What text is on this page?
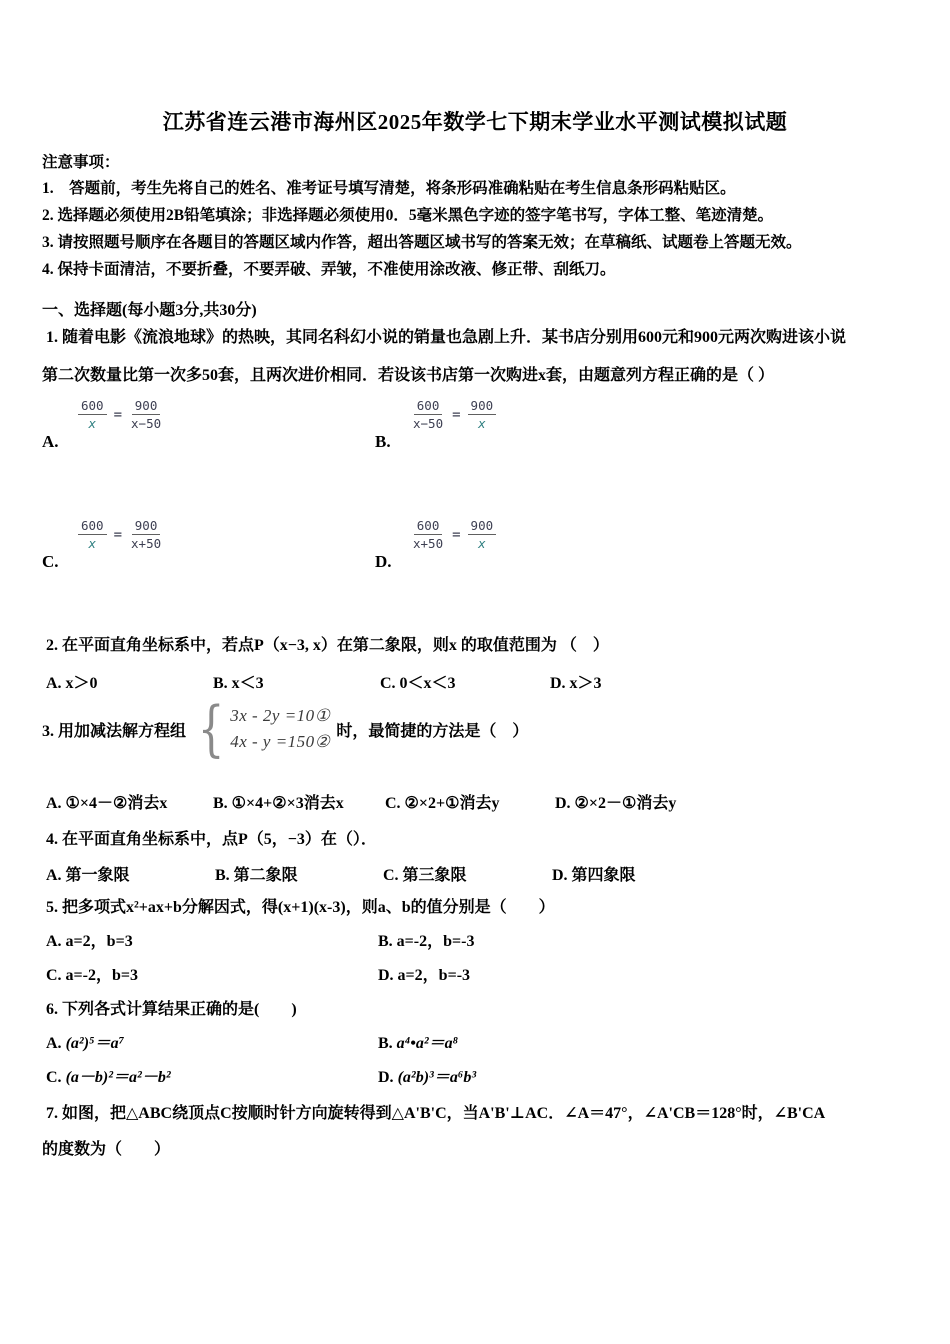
江苏省连云港市海州区2025年数学七下期末学业水平测试模拟试题
注意事项：
1.　答题前，考生先将自己的姓名、准考证号填写清楚，将条形码准确粘贴在考生信息条形码粘贴区。
2. 选择题必须使用2B铅笔填涂；非选择题必须使用0．5毫米黑色字迹的签字笔书写，字体工整、笔迹清楚。
3. 请按照题号顺序在各题目的答题区域内作答，超出答题区域书写的答案无效；在草稿纸、试题卷上答题无效。
4. 保持卡面清洁，不要折叠，不要弄破、弄皱，不准使用涂改液、修正带、刮纸刀。
一、选择题(每小题3分,共30分)
1. 随着电影《流浪地球》的热映，其同名科幻小说的销量也急剧上升．某书店分别用600元和900元两次购进该小说
第二次数量比第一次多50套，且两次进价相同．若设该书店第一次购进x套，由题意列方程正确的是（ ）
$\frac{600}{x} = \frac{900}{x-50}$
A.
$\frac{600}{x-50} = \frac{900}{x}$
B.
$\frac{600}{x} = \frac{900}{x+50}$
C.
$\frac{600}{x+50} = \frac{900}{x}$
D.
2. 在平面直角坐标系中，若点P（x−3, x）在第二象限，则x 的取值范围为 （　）
A. x＞0	B. x＜3	C. 0＜x＜3	D. x＞3
3. 用加减法解方程组 { 3x - 2y =10①
4x - y =150②
时，最简捷的方法是（　）
A. ①×4－②消去x	B. ①×4+②×3消去x	C. ②×2+①消去y	D. ②×2－①消去y
4. 在平面直角坐标系中，点P（5，−3）在（）．
A. 第一象限	B. 第二象限	C. 第三象限	D. 第四象限
5. 把多项式x²+ax+b分解因式，得(x+1)(x-3)，则a、b的值分别是（　　）
A. a=2，b=3	B. a=-2，b=-3
C. a=-2，b=3	D. a=2，b=-3
6. 下列各式计算结果正确的是(　　)
A. (a²)⁵＝a⁷	B. a⁴•a²＝a⁸
C. (a－b)²＝a²－b²	D. (a²b)³＝a⁶b³
7. 如图，把△ABC绕顶点C按顺时针方向旋转得到△A'B'C，当A'B'⊥AC．∠A＝47°，∠A'CB＝128°时，∠B'CA
的度数为（　　）
